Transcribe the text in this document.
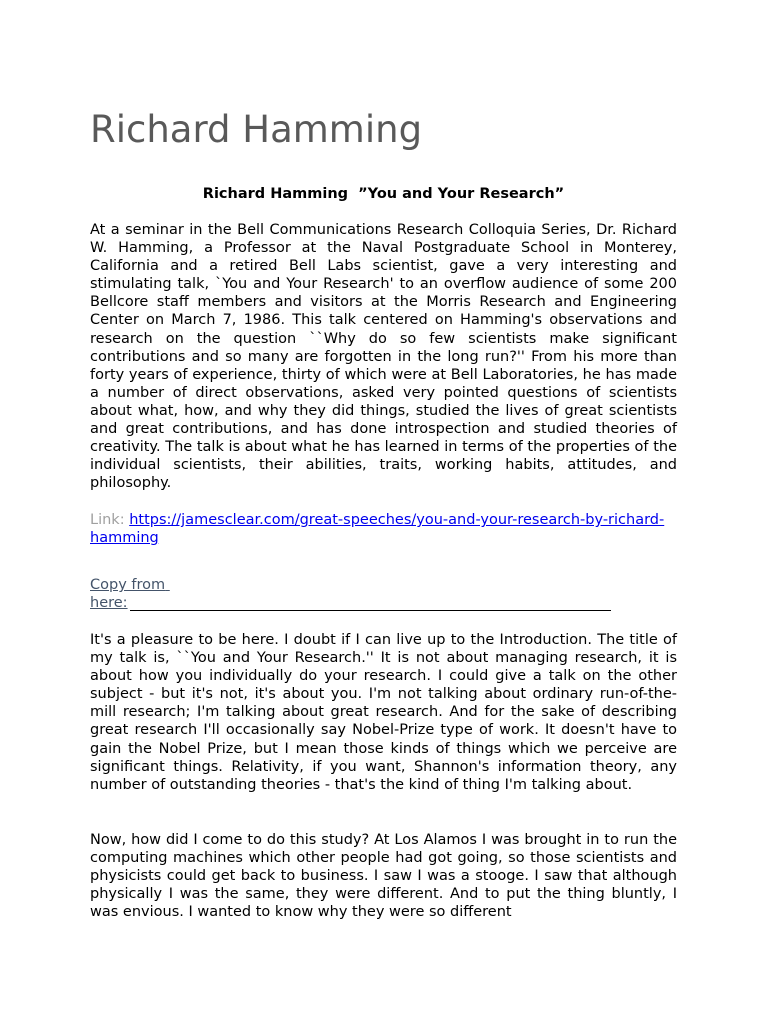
Richard Hamming
Richard Hamming  ”You and Your Research”

At a seminar in the Bell Communications Research Colloquia Series, Dr. Richard W. Hamming, a Professor at the Naval Postgraduate School in Monterey, California and a retired Bell Labs scientist, gave a very interesting and stimulating talk, `You and Your Research' to an overflow audience of some 200 Bellcore staff members and visitors at the Morris Research and Engineering Center on March 7, 1986. This talk centered on Hamming's observations and research on the question ``Why do so few scientists make significant contributions and so many are forgotten in the long run?'' From his more than forty years of experience, thirty of which were at Bell Laboratories, he has made a number of direct observations, asked very pointed questions of scientists about what, how, and why they did things, studied the lives of great scientists and great contributions, and has done introspection and studied theories of creativity. The talk is about what he has learned in terms of the properties of the individual scientists, their abilities, traits, working habits, attitudes, and philosophy.

Link: https://jamesclear.com/great-speeches/you-and-your-research-by-richard-hamming
Copy from here:

It's a pleasure to be here. I doubt if I can live up to the Introduction. The title of my talk is, ``You and Your Research.'' It is not about managing research, it is about how you individually do your research. I could give a talk on the other subject - but it's not, it's about you. I'm not talking about ordinary run-of-the-mill research; I'm talking about great research. And for the sake of describing great research I'll occasionally say Nobel-Prize type of work. It doesn't have to gain the Nobel Prize, but I mean those kinds of things which we perceive are significant things. Relativity, if you want, Shannon's information theory, any number of outstanding theories - that's the kind of thing I'm talking about.

Now, how did I come to do this study? At Los Alamos I was brought in to run the computing machines which other people had got going, so those scientists and physicists could get back to business. I saw I was a stooge. I saw that although physically I was the same, they were different. And to put the thing bluntly, I was envious. I wanted to know why they were so different
